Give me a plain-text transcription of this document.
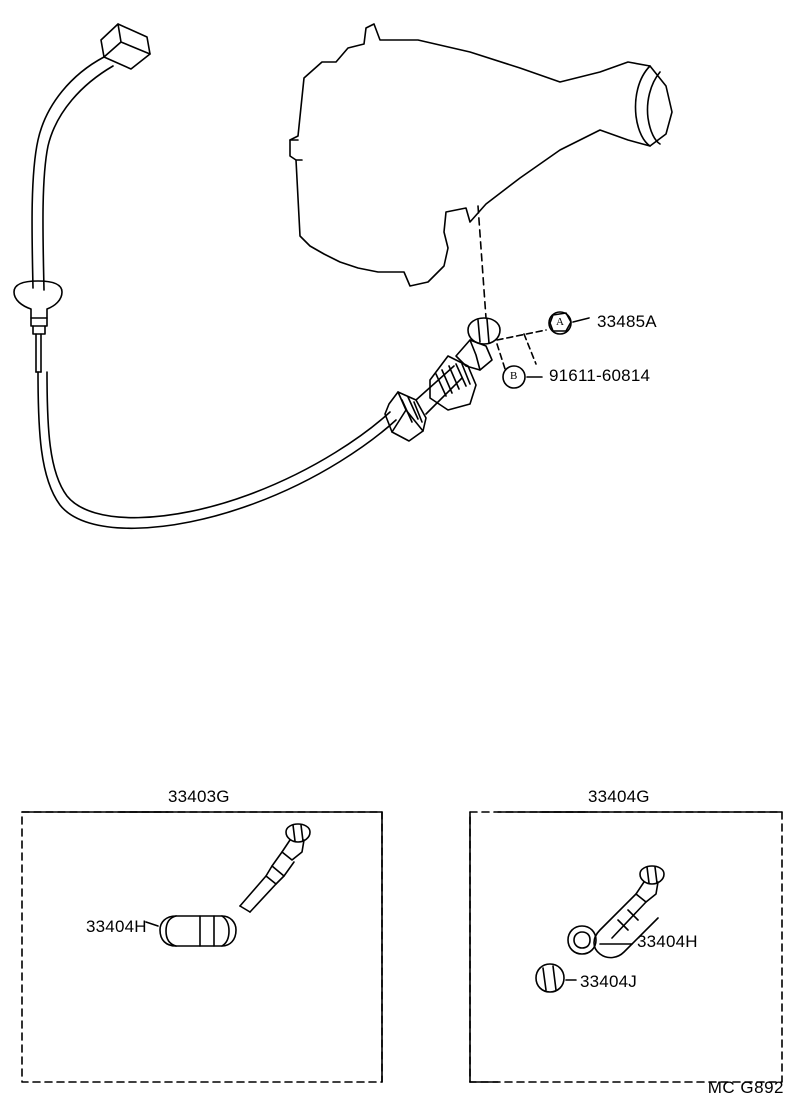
33485A
91611-60814
A
B
33403G
33404H
33404G
33404H
33404J
MC G892
